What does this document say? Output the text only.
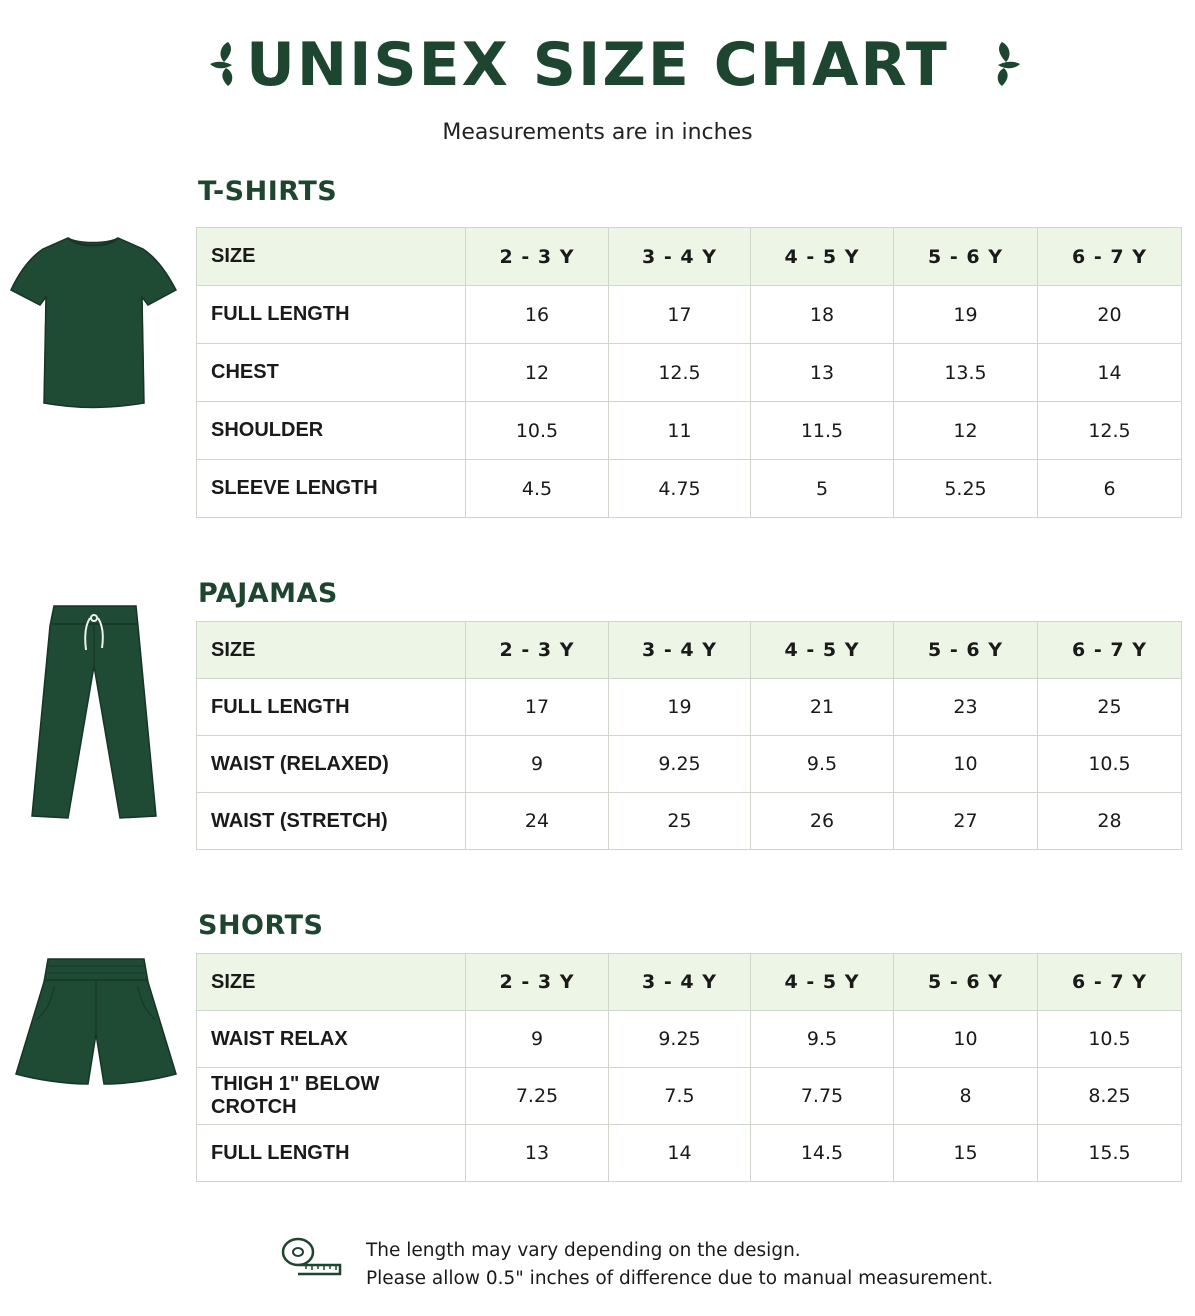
UNISEX SIZE CHART
Measurements are in inches
T-SHIRTS
SIZE	2 - 3 Y	3 - 4 Y	4 - 5 Y	5 - 6 Y	6 - 7 Y
FULL LENGTH	16	17	18	19	20
CHEST	12	12.5	13	13.5	14
SHOULDER	10.5	11	11.5	12	12.5
SLEEVE LENGTH	4.5	4.75	5	5.25	6
PAJAMAS
SIZE	2 - 3 Y	3 - 4 Y	4 - 5 Y	5 - 6 Y	6 - 7 Y
FULL LENGTH	17	19	21	23	25
WAIST (RELAXED)	9	9.25	9.5	10	10.5
WAIST (STRETCH)	24	25	26	27	28
SHORTS
SIZE	2 - 3 Y	3 - 4 Y	4 - 5 Y	5 - 6 Y	6 - 7 Y
WAIST RELAX	9	9.25	9.5	10	10.5
THIGH 1" BELOW CROTCH	7.25	7.5	7.75	8	8.25
FULL LENGTH	13	14	14.5	15	15.5
The length may vary depending on the design.
Please allow 0.5" inches of difference due to manual measurement.
